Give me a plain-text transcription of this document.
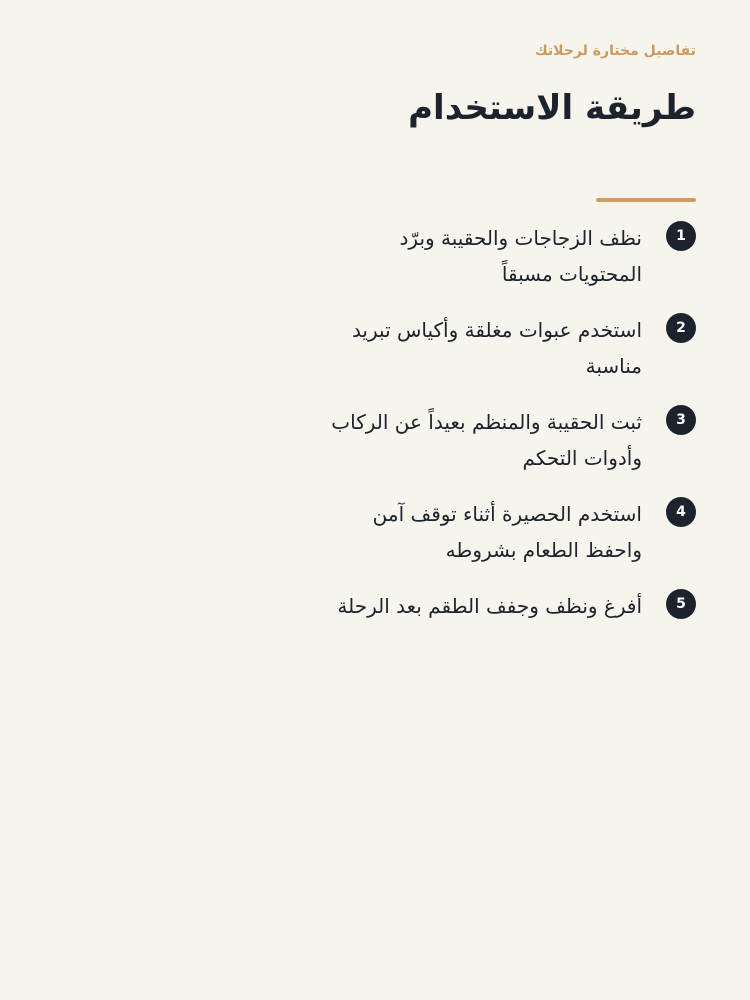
تفاصيل مختارة لرحلاتك

طريقة الاستخدام
1
نظف الزجاجات والحقيبة وبرّد المحتويات مسبقاً
2
استخدم عبوات مغلقة وأكياس تبريد مناسبة
3
ثبت الحقيبة والمنظم بعيداً عن الركاب وأدوات التحكم
4
استخدم الحصيرة أثناء توقف آمن واحفظ الطعام بشروطه
5
أفرغ ونظف وجفف الطقم بعد الرحلة
